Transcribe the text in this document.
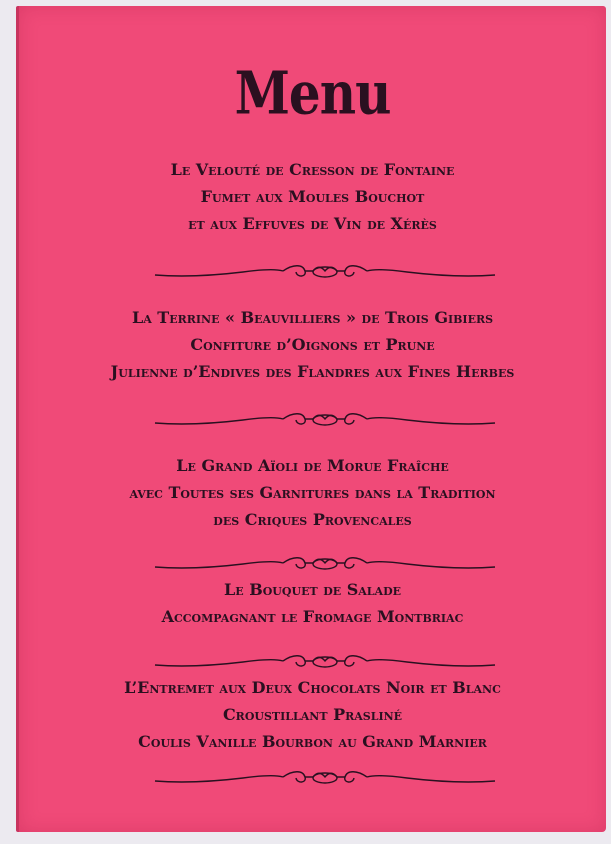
Menu
Le Velouté de Cresson de Fontaine
Fumet aux Moules Bouchot
et aux Effuves de Vin de Xérès
La Terrine « Beauvilliers » de Trois Gibiers
Confiture d’Oignons et Prune
Julienne d’Endives des Flandres aux Fines Herbes
Le Grand Aïoli de Morue Fraîche
avec Toutes ses Garnitures dans la Tradition
des Criques Provencales
Le Bouquet de Salade
Accompagnant le Fromage Montbriac
L’Entremet aux Deux Chocolats Noir et Blanc
Croustillant Prasliné
Coulis Vanille Bourbon au Grand Marnier
